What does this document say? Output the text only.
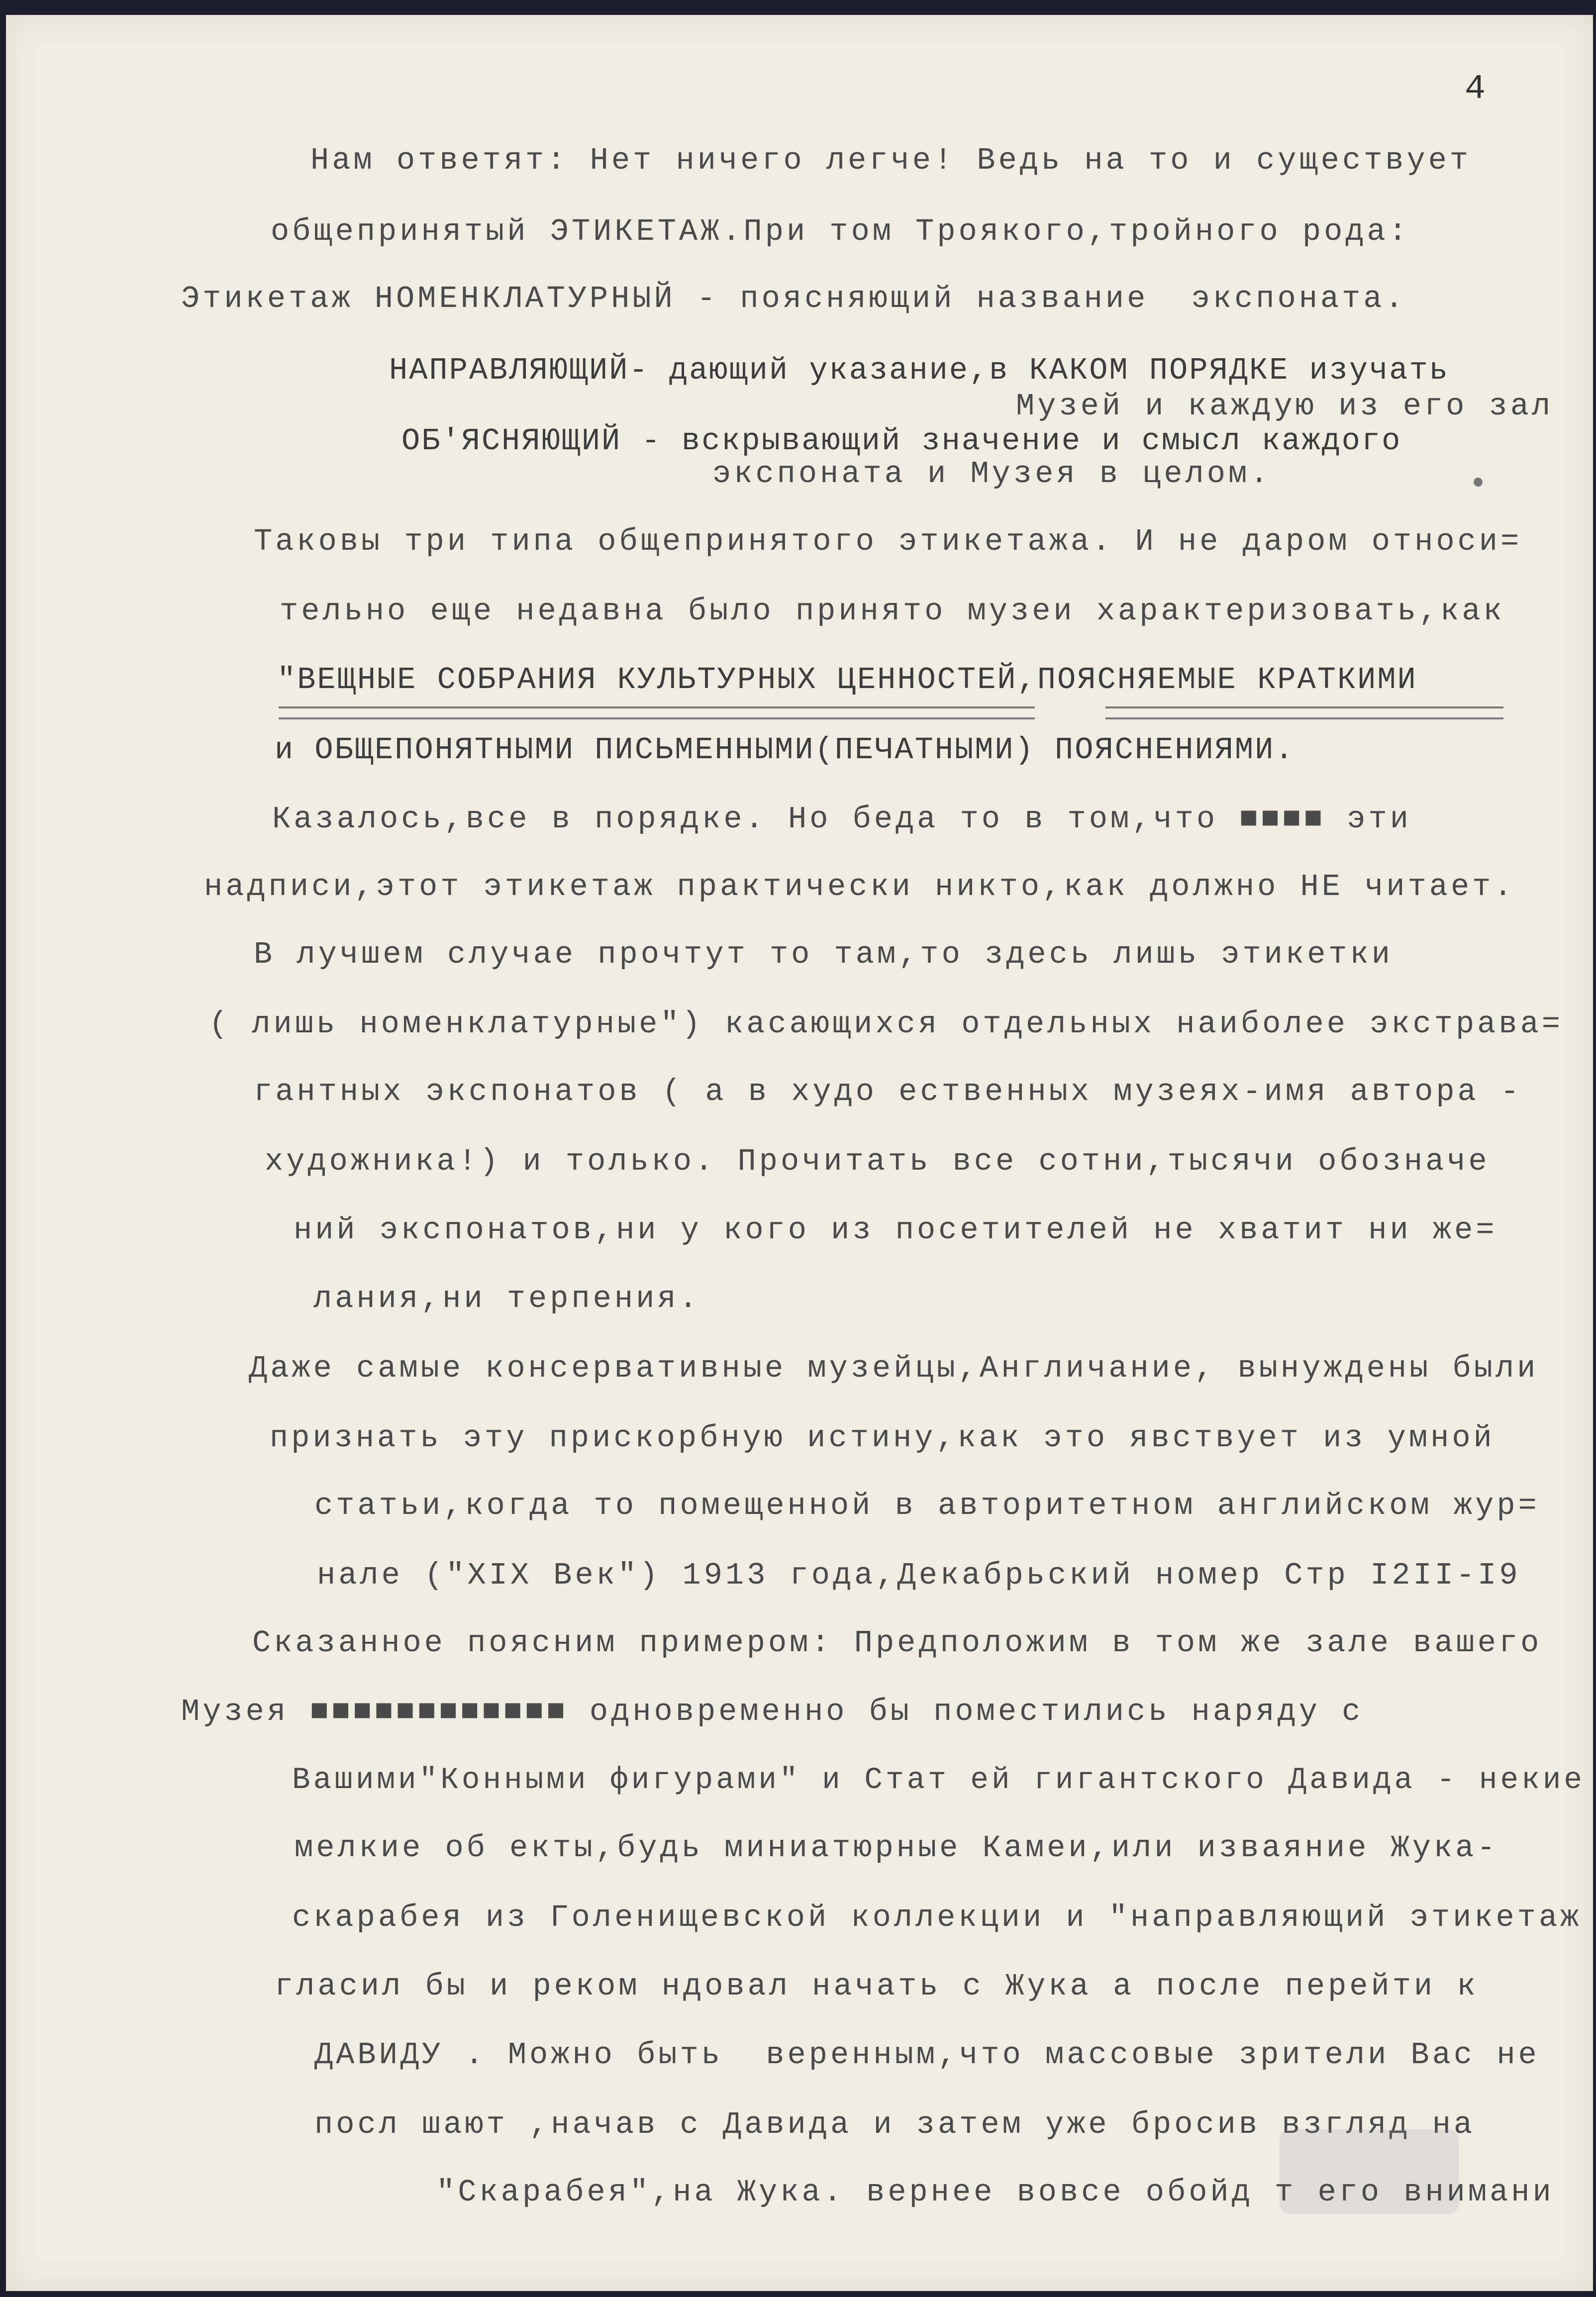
4
Нам ответят: Нет ничего легче! Ведь на то и существует
общепринятый ЭТИКЕТАЖ.При том Троякого,тройного рода:
Этикетаж НОМЕНКЛАТУРНЫЙ - поясняющий название  экспоната.
НАПРАВЛЯЮЩИЙ- дающий указание,в КАКОМ ПОРЯДКЕ изучать
Музей и каждую из его зал
ОБ'ЯСНЯЮЩИЙ - вскрывающий значение и смысл каждого
экспоната и Музея в целом.
Таковы три типа общепринятого этикетажа. И не даром относи=
тельно еще недавна было принято музеи характеризовать,как
"ВЕЩНЫЕ СОБРАНИЯ КУЛЬТУРНЫХ ЦЕННОСТЕЙ,ПОЯСНЯЕМЫЕ КРАТКИМИ
и ОБЩЕПОНЯТНЫМИ ПИСЬМЕННЫМИ(ПЕЧАТНЫМИ) ПОЯСНЕНИЯМИ.
Казалось,все в порядке. Но беда то в том,что ■■■■ эти
надписи,этот этикетаж практически никто,как должно НЕ читает.
В лучшем случае прочтут то там,то здесь лишь этикетки
( лишь номенклатурные") касающихся отдельных наиболее экстрава=
гантных экспонатов ( а в худо ественных музеях-имя автора -
художника!) и только. Прочитать все сотни,тысячи обозначе
ний экспонатов,ни у кого из посетителей не хватит ни же=
лания,ни терпения.
Даже самые консервативные музейцы,Англичание, вынуждены были
признать эту прискорбную истину,как это явствует из умной
статьи,когда то помещенной в авторитетном английском жур=
нале ("XIX Век") 1913 года,Декабрьский номер Стр I2II-I9
Сказанное поясним примером: Предположим в том же зале вашего
Музея ■■■■■■■■■■■■ одновременно бы поместились наряду с
Вашими"Конными фигурами" и Стат ей гигантского Давида - некие
мелкие об екты,будь миниатюрные Камеи,или изваяние Жука-
скарабея из Голенищевской коллекции и "направляющий этикетаж
гласил бы и реком ндовал начать с Жука а после перейти к
ДАВИДУ . Можно быть  веренным,что массовые зрители Вас не
посл шают ,начав с Давида и затем уже бросив взгляд на
"Скарабея",на Жука. вернее вовсе обойд т его внимани
